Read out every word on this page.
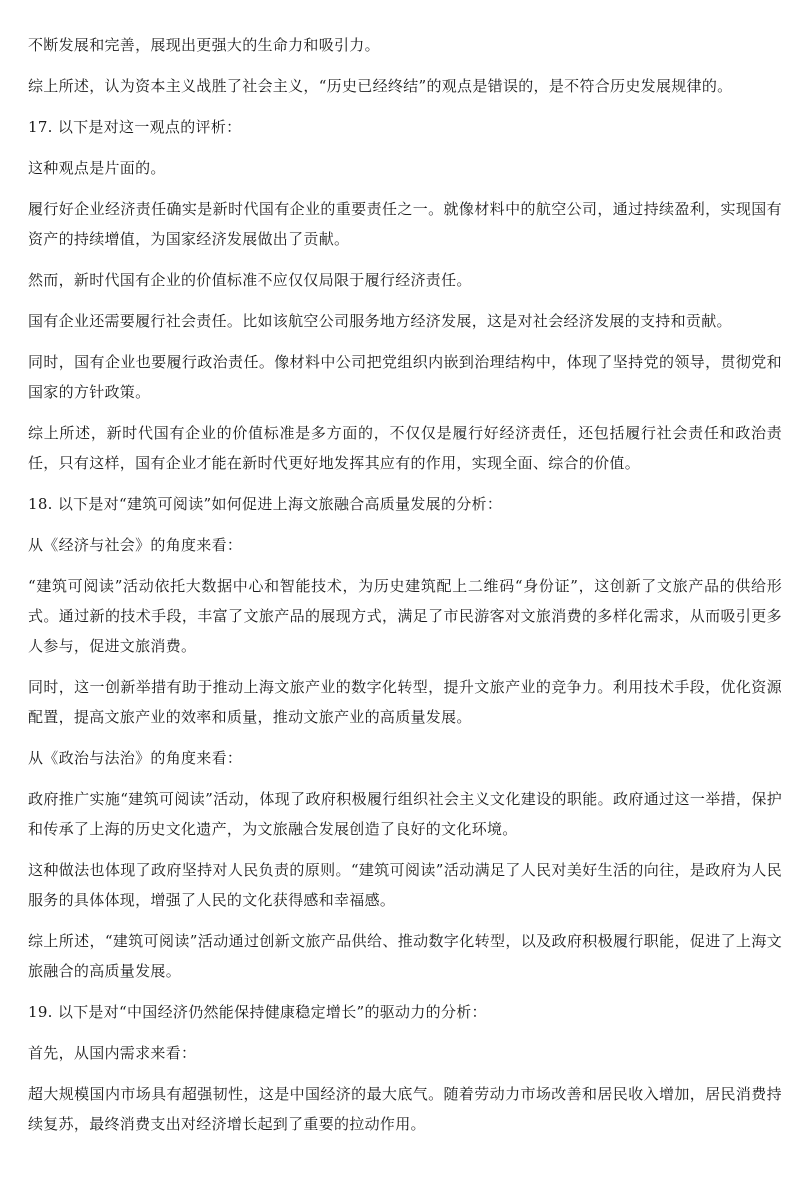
不断发展和完善，展现出更强大的生命力和吸引力。

综上所述，认为资本主义战胜了社会主义，“历史已经终结”的观点是错误的，是不符合历史发展规律的。

17. 以下是对这一观点的评析：

这种观点是片面的。

履行好企业经济责任确实是新时代国有企业的重要责任之一。就像材料中的航空公司，通过持续盈利，实现国有资产的持续增值，为国家经济发展做出了贡献。

然而，新时代国有企业的价值标准不应仅仅局限于履行经济责任。

国有企业还需要履行社会责任。比如该航空公司服务地方经济发展，这是对社会经济发展的支持和贡献。

同时，国有企业也要履行政治责任。像材料中公司把党组织内嵌到治理结构中，体现了坚持党的领导，贯彻党和国家的方针政策。

综上所述，新时代国有企业的价值标准是多方面的，不仅仅是履行好经济责任，还包括履行社会责任和政治责任，只有这样，国有企业才能在新时代更好地发挥其应有的作用，实现全面、综合的价值。

18. 以下是对“建筑可阅读”如何促进上海文旅融合高质量发展的分析：

从《经济与社会》的角度来看：

“建筑可阅读”活动依托大数据中心和智能技术，为历史建筑配上二维码“身份证”，这创新了文旅产品的供给形式。通过新的技术手段，丰富了文旅产品的展现方式，满足了市民游客对文旅消费的多样化需求，从而吸引更多人参与，促进文旅消费。

同时，这一创新举措有助于推动上海文旅产业的数字化转型，提升文旅产业的竞争力。利用技术手段，优化资源配置，提高文旅产业的效率和质量，推动文旅产业的高质量发展。

从《政治与法治》的角度来看：

政府推广实施“建筑可阅读”活动，体现了政府积极履行组织社会主义文化建设的职能。政府通过这一举措，保护和传承了上海的历史文化遗产，为文旅融合发展创造了良好的文化环境。

这种做法也体现了政府坚持对人民负责的原则。“建筑可阅读”活动满足了人民对美好生活的向往，是政府为人民服务的具体体现，增强了人民的文化获得感和幸福感。

综上所述，“建筑可阅读”活动通过创新文旅产品供给、推动数字化转型，以及政府积极履行职能，促进了上海文旅融合的高质量发展。

19. 以下是对“中国经济仍然能保持健康稳定增长”的驱动力的分析：

首先，从国内需求来看：

超大规模国内市场具有超强韧性，这是中国经济的最大底气。随着劳动力市场改善和居民收入增加，居民消费持续复苏，最终消费支出对经济增长起到了重要的拉动作用。
